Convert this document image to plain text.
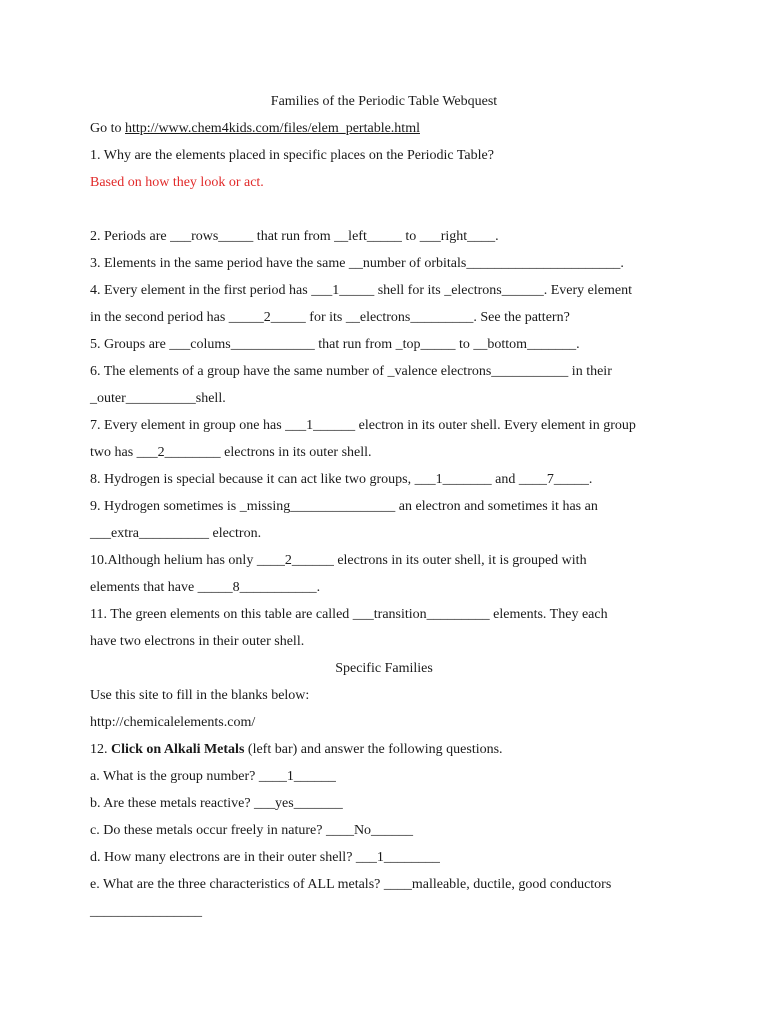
Families of the Periodic Table Webquest
Go to http://www.chem4kids.com/files/elem_pertable.html
1. Why are the elements placed in specific places on the Periodic Table?
Based on how they look or act.
2. Periods are ___rows_____ that run from __left_____ to ___right____.
3. Elements in the same period have the same __number of orbitals______________________.
4. Every element in the first period has ___1_____ shell for its _electrons______. Every element
in the second period has _____2_____ for its __electrons_________. See the pattern?
5. Groups are ___colums____________ that run from _top_____ to __bottom_______.
6. The elements of a group have the same number of _valence electrons___________ in their
_outer__________shell.
7. Every element in group one has ___1______ electron in its outer shell. Every element in group
two has ___2________ electrons in its outer shell.
8. Hydrogen is special because it can act like two groups, ___1_______ and ____7_____.
9. Hydrogen sometimes is _missing_______________ an electron and sometimes it has an
___extra__________ electron.
10.Although helium has only ____2______ electrons in its outer shell, it is grouped with
elements that have _____8___________.
11. The green elements on this table are called ___transition_________ elements. They each
have two electrons in their outer shell.
Specific Families
Use this site to fill in the blanks below:
http://chemicalelements.com/
12. Click on Alkali Metals (left bar) and answer the following questions.
a. What is the group number? ____1______
b. Are these metals reactive? ___yes_______
c. Do these metals occur freely in nature? ____No______
d. How many electrons are in their outer shell? ___1________
e. What are the three characteristics of ALL metals? ____malleable, ductile, good conductors
________________
